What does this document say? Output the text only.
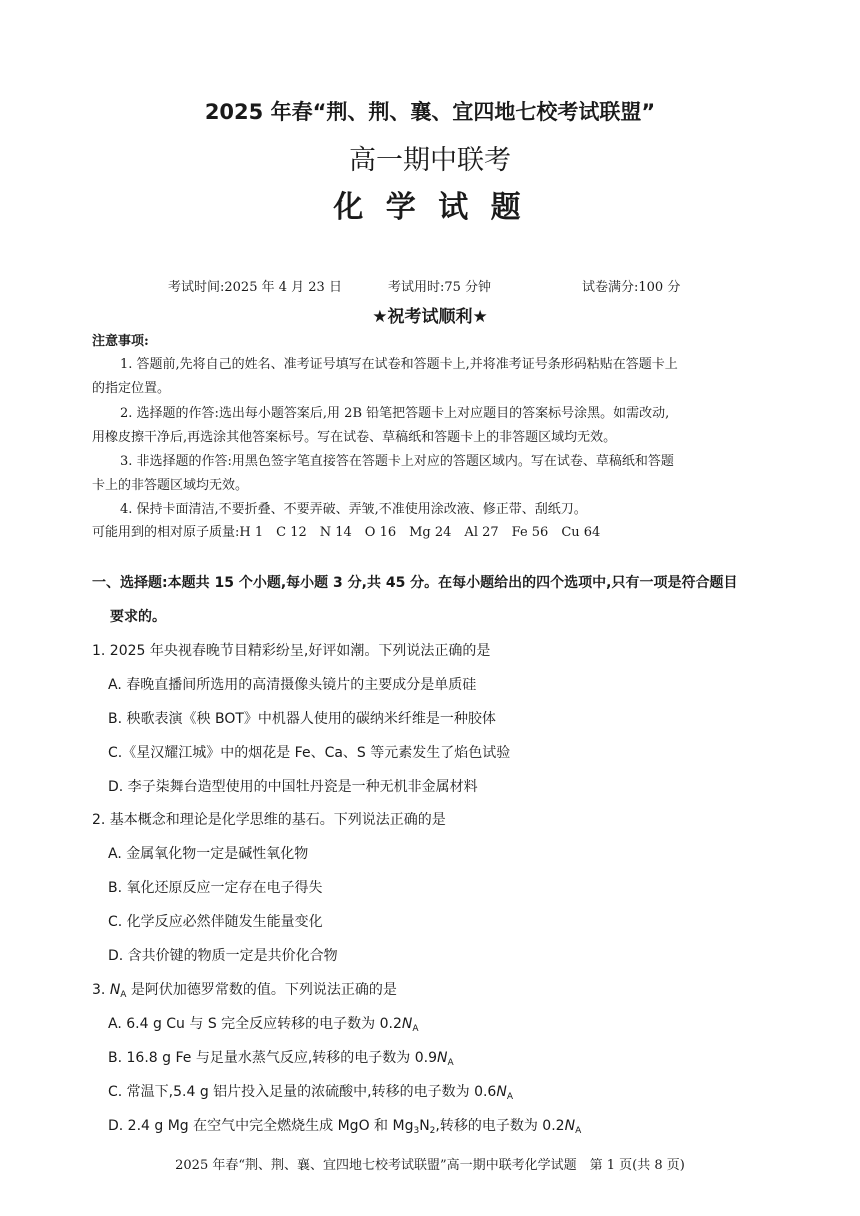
2025 年春“荆、荆、襄、宜四地七校考试联盟”
高一期中联考
化 学 试 题
考试时间:2025 年 4 月 23 日	考试用时:75 分钟	试卷满分:100 分
★祝考试顺利★
注意事项:
1. 答题前,先将自己的姓名、准考证号填写在试卷和答题卡上,并将准考证号条形码粘贴在答题卡上
的指定位置。
2. 选择题的作答:选出每小题答案后,用 2B 铅笔把答题卡上对应题目的答案标号涂黑。如需改动,
用橡皮擦干净后,再选涂其他答案标号。写在试卷、草稿纸和答题卡上的非答题区域均无效。
3. 非选择题的作答:用黑色签字笔直接答在答题卡上对应的答题区域内。写在试卷、草稿纸和答题
卡上的非答题区域均无效。
4. 保持卡面清洁,不要折叠、不要弄破、弄皱,不准使用涂改液、修正带、刮纸刀。
可能用到的相对原子质量:H 1　C 12　N 14　O 16　Mg 24　Al 27　Fe 56　Cu 64
一、选择题:本题共 15 个小题,每小题 3 分,共 45 分。在每小题给出的四个选项中,只有一项是符合题目
要求的。
1. 2025 年央视春晚节目精彩纷呈,好评如潮。下列说法正确的是
A. 春晚直播间所选用的高清摄像头镜片的主要成分是单质硅
B. 秧歌表演《秧 BOT》中机器人使用的碳纳米纤维是一种胶体
C.《星汉耀江城》中的烟花是 Fe、Ca、S 等元素发生了焰色试验
D. 李子柒舞台造型使用的中国牡丹瓷是一种无机非金属材料
2. 基本概念和理论是化学思维的基石。下列说法正确的是
A. 金属氧化物一定是碱性氧化物
B. 氧化还原反应一定存在电子得失
C. 化学反应必然伴随发生能量变化
D. 含共价键的物质一定是共价化合物
3. $N_A$ 是阿伏加德罗常数的值。下列说法正确的是
A. 6.4 g Cu 与 S 完全反应转移的电子数为 $0.2N_A$
B. 16.8 g Fe 与足量水蒸气反应,转移的电子数为 $0.9N_A$
C. 常温下,5.4 g 铝片投入足量的浓硫酸中,转移的电子数为 $0.6N_A$
D. 2.4 g Mg 在空气中完全燃烧生成 MgO 和 $Mg_3N_2$,转移的电子数为 $0.2N_A$
2025 年春“荆、荆、襄、宜四地七校考试联盟”高一期中联考化学试题　第 1 页(共 8 页)
